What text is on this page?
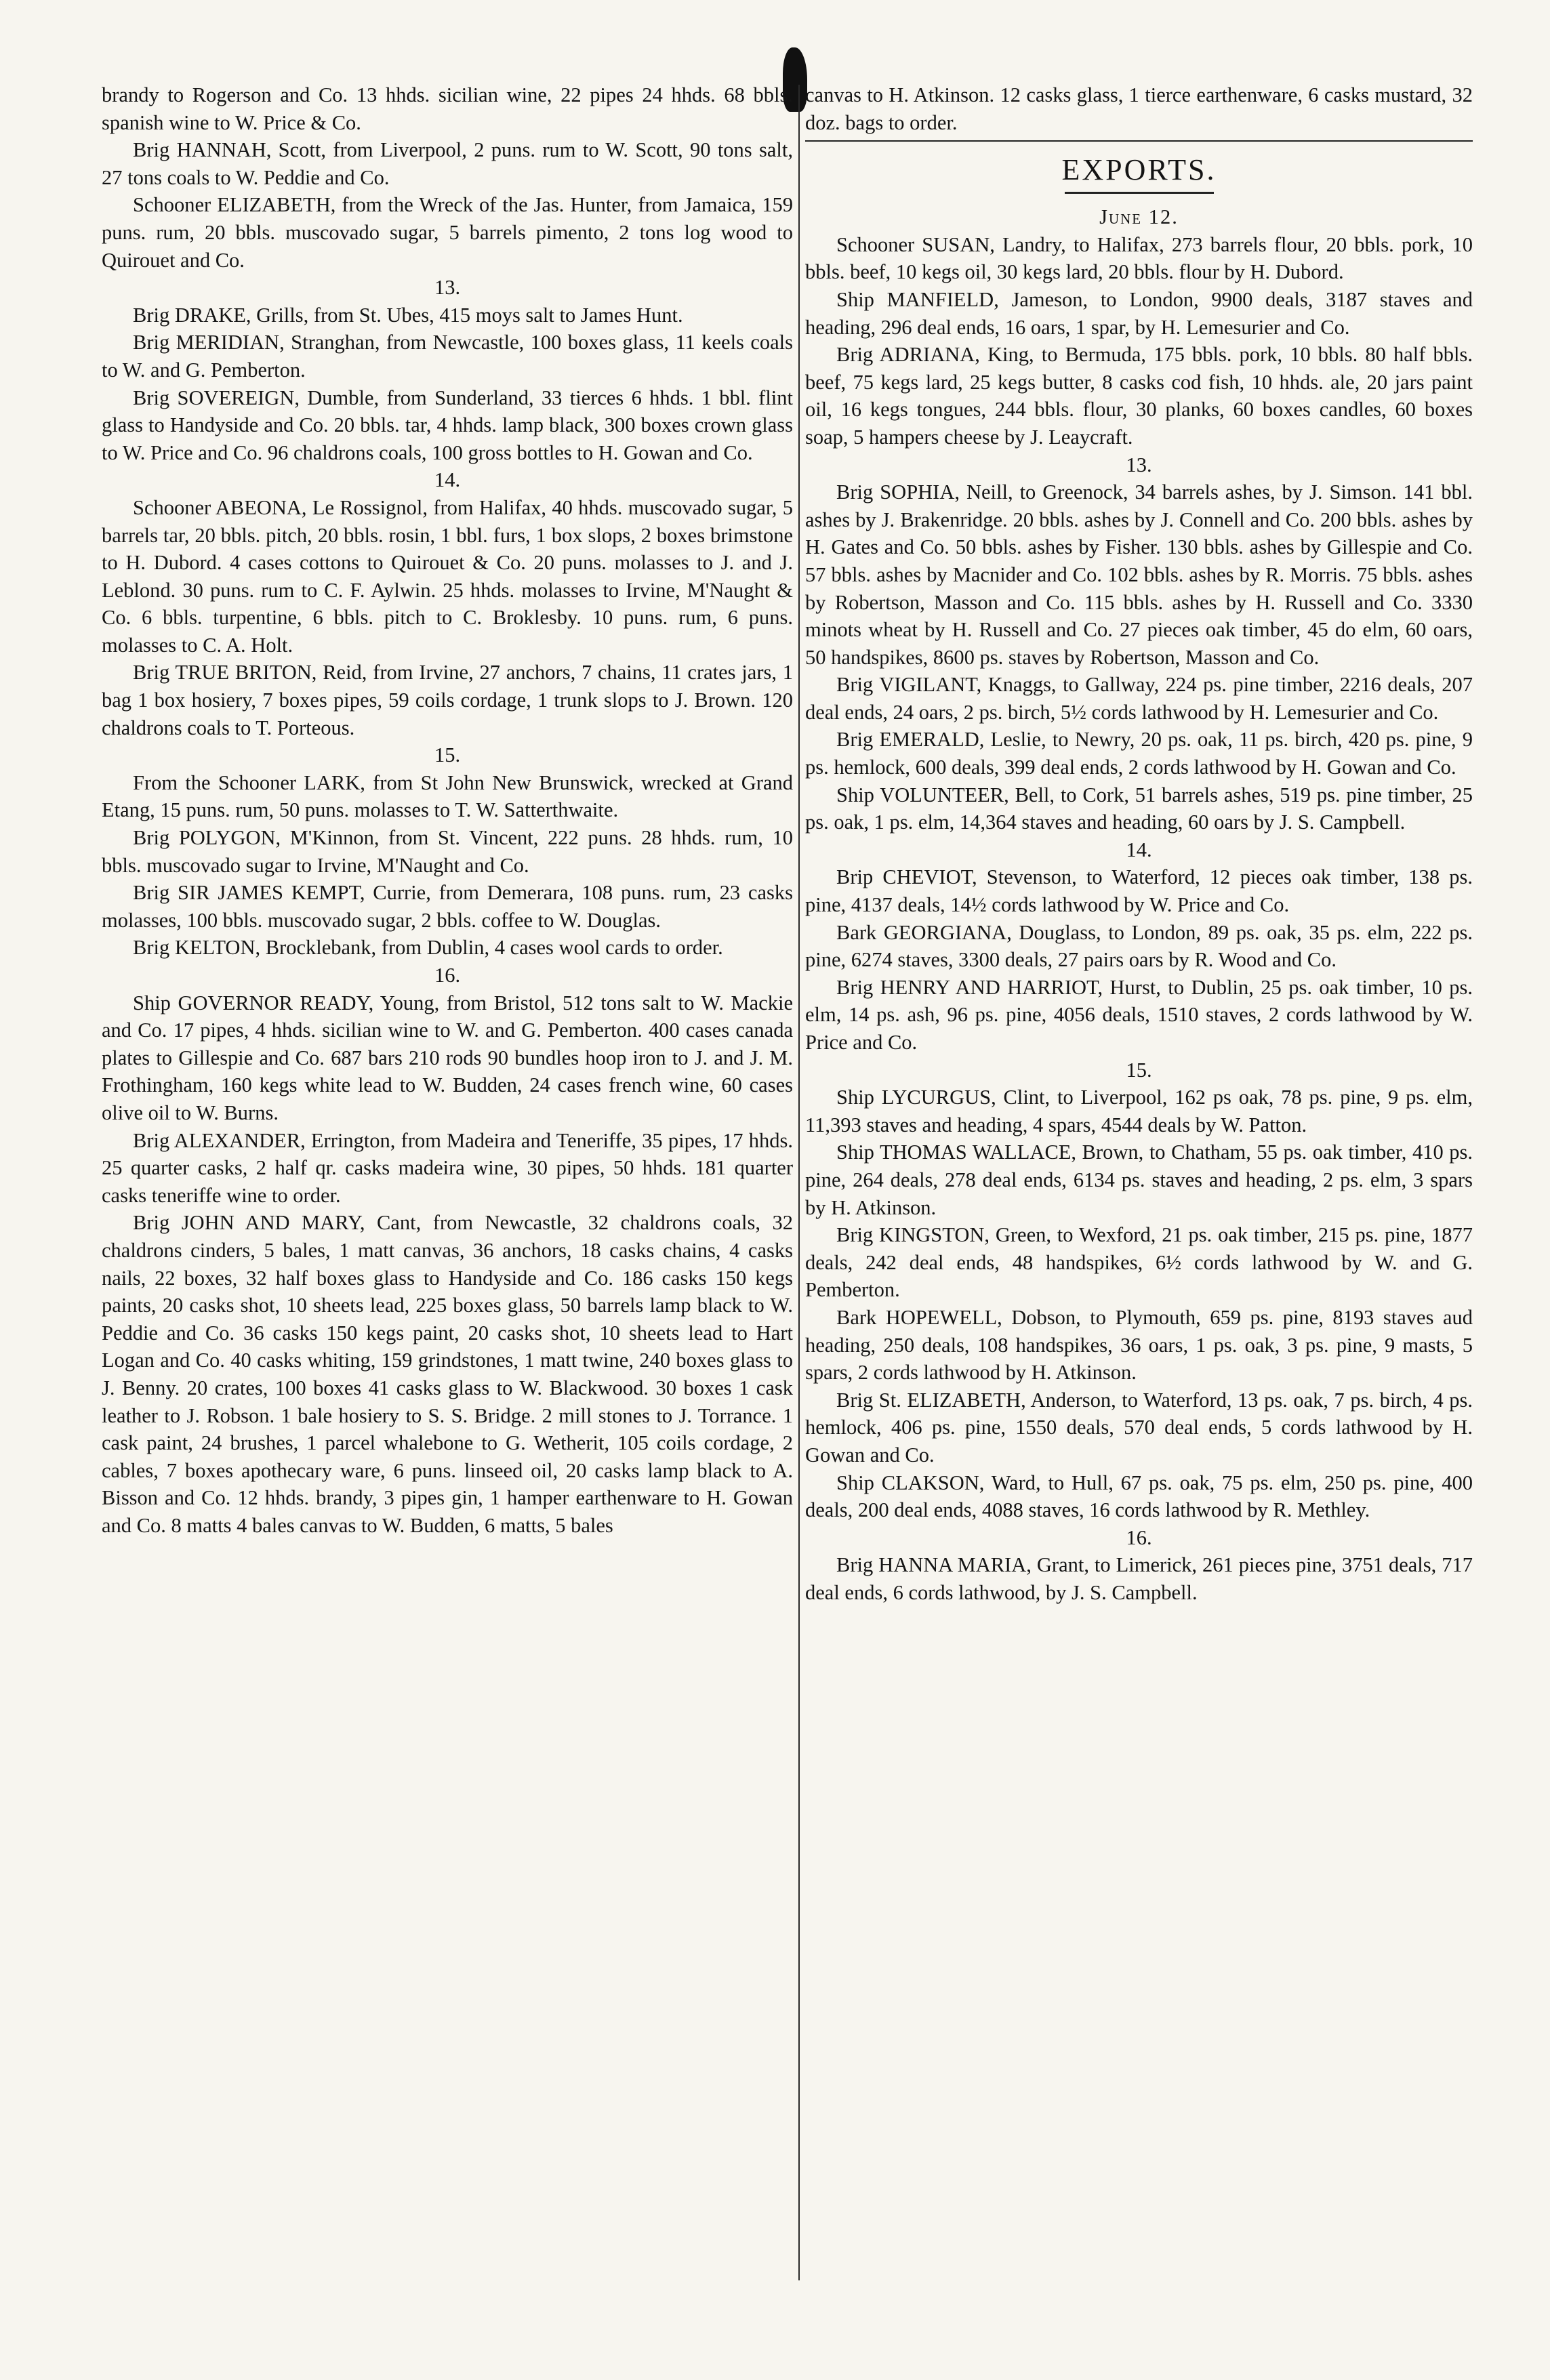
brandy to Rogerson and Co. 13 hhds. sicilian wine, 22 pipes 24 hhds. 68 bbls. spanish wine to W. Price & Co.

Brig HANNAH, Scott, from Liverpool, 2 puns. rum to W. Scott, 90 tons salt, 27 tons coals to W. Peddie and Co.

Schooner ELIZABETH, from the Wreck of the Jas. Hunter, from Jamaica, 159 puns. rum, 20 bbls. muscovado sugar, 5 barrels pimento, 2 tons log wood to Quirouet and Co.

13.

Brig DRAKE, Grills, from St. Ubes, 415 moys salt to James Hunt.

Brig MERIDIAN, Stranghan, from Newcastle, 100 boxes glass, 11 keels coals to W. and G. Pemberton.

Brig SOVEREIGN, Dumble, from Sunderland, 33 tierces 6 hhds. 1 bbl. flint glass to Handyside and Co. 20 bbls. tar, 4 hhds. lamp black, 300 boxes crown glass to W. Price and Co. 96 chaldrons coals, 100 gross bottles to H. Gowan and Co.

14.

Schooner ABEONA, Le Rossignol, from Halifax, 40 hhds. muscovado sugar, 5 barrels tar, 20 bbls. pitch, 20 bbls. rosin, 1 bbl. furs, 1 box slops, 2 boxes brimstone to H. Dubord. 4 cases cottons to Quirouet & Co. 20 puns. molasses to J. and J. Leblond. 30 puns. rum to C. F. Aylwin. 25 hhds. molasses to Irvine, M'Naught & Co. 6 bbls. turpentine, 6 bbls. pitch to C. Broklesby. 10 puns. rum, 6 puns. molasses to C. A. Holt.

Brig TRUE BRITON, Reid, from Irvine, 27 anchors, 7 chains, 11 crates jars, 1 bag 1 box hosiery, 7 boxes pipes, 59 coils cordage, 1 trunk slops to J. Brown. 120 chaldrons coals to T. Porteous.

15.

From the Schooner LARK, from St John New Brunswick, wrecked at Grand Etang, 15 puns. rum, 50 puns. molasses to T. W. Satterthwaite.

Brig POLYGON, M'Kinnon, from St. Vincent, 222 puns. 28 hhds. rum, 10 bbls. muscovado sugar to Irvine, M'Naught and Co.

Brig SIR JAMES KEMPT, Currie, from Demerara, 108 puns. rum, 23 casks molasses, 100 bbls. muscovado sugar, 2 bbls. coffee to W. Douglas.

Brig KELTON, Brocklebank, from Dublin, 4 cases wool cards to order.

16.

Ship GOVERNOR READY, Young, from Bristol, 512 tons salt to W. Mackie and Co. 17 pipes, 4 hhds. sicilian wine to W. and G. Pemberton. 400 cases canada plates to Gillespie and Co. 687 bars 210 rods 90 bundles hoop iron to J. and J. M. Frothingham, 160 kegs white lead to W. Budden, 24 cases french wine, 60 cases olive oil to W. Burns.

Brig ALEXANDER, Errington, from Madeira and Teneriffe, 35 pipes, 17 hhds. 25 quarter casks, 2 half qr. casks madeira wine, 30 pipes, 50 hhds. 181 quarter casks teneriffe wine to order.

Brig JOHN AND MARY, Cant, from Newcastle, 32 chaldrons coals, 32 chaldrons cinders, 5 bales, 1 matt canvas, 36 anchors, 18 casks chains, 4 casks nails, 22 boxes, 32 half boxes glass to Handyside and Co. 186 casks 150 kegs paints, 20 casks shot, 10 sheets lead, 225 boxes glass, 50 barrels lamp black to W. Peddie and Co. 36 casks 150 kegs paint, 20 casks shot, 10 sheets lead to Hart Logan and Co. 40 casks whiting, 159 grindstones, 1 matt twine, 240 boxes glass to J. Benny. 20 crates, 100 boxes 41 casks glass to W. Blackwood. 30 boxes 1 cask leather to J. Robson. 1 bale hosiery to S. S. Bridge. 2 mill stones to J. Torrance. 1 cask paint, 24 brushes, 1 parcel whalebone to G. Wetherit, 105 coils cordage, 2 cables, 7 boxes apothecary ware, 6 puns. linseed oil, 20 casks lamp black to A. Bisson and Co. 12 hhds. brandy, 3 pipes gin, 1 hamper earthenware to H. Gowan and Co. 8 matts 4 bales canvas to W. Budden, 6 matts, 5 bales

canvas to H. Atkinson. 12 casks glass, 1 tierce earthenware, 6 casks mustard, 32 doz. bags to order.

EXPORTS.

June 12.

Schooner SUSAN, Landry, to Halifax, 273 barrels flour, 20 bbls. pork, 10 bbls. beef, 10 kegs oil, 30 kegs lard, 20 bbls. flour by H. Dubord.

Ship MANFIELD, Jameson, to London, 9900 deals, 3187 staves and heading, 296 deal ends, 16 oars, 1 spar, by H. Lemesurier and Co.

Brig ADRIANA, King, to Bermuda, 175 bbls. pork, 10 bbls. 80 half bbls. beef, 75 kegs lard, 25 kegs butter, 8 casks cod fish, 10 hhds. ale, 20 jars paint oil, 16 kegs tongues, 244 bbls. flour, 30 planks, 60 boxes candles, 60 boxes soap, 5 hampers cheese by J. Leaycraft.

13.

Brig SOPHIA, Neill, to Greenock, 34 barrels ashes, by J. Simson. 141 bbl. ashes by J. Brakenridge. 20 bbls. ashes by J. Connell and Co. 200 bbls. ashes by H. Gates and Co. 50 bbls. ashes by Fisher. 130 bbls. ashes by Gillespie and Co. 57 bbls. ashes by Macnider and Co. 102 bbls. ashes by R. Morris. 75 bbls. ashes by Robertson, Masson and Co. 115 bbls. ashes by H. Russell and Co. 3330 minots wheat by H. Russell and Co. 27 pieces oak timber, 45 do elm, 60 oars, 50 handspikes, 8600 ps. staves by Robertson, Masson and Co.

Brig VIGILANT, Knaggs, to Gallway, 224 ps. pine timber, 2216 deals, 207 deal ends, 24 oars, 2 ps. birch, 5½ cords lathwood by H. Lemesurier and Co.

Brig EMERALD, Leslie, to Newry, 20 ps. oak, 11 ps. birch, 420 ps. pine, 9 ps. hemlock, 600 deals, 399 deal ends, 2 cords lathwood by H. Gowan and Co.

Ship VOLUNTEER, Bell, to Cork, 51 barrels ashes, 519 ps. pine timber, 25 ps. oak, 1 ps. elm, 14,364 staves and heading, 60 oars by J. S. Campbell.

14.

Brip CHEVIOT, Stevenson, to Waterford, 12 pieces oak timber, 138 ps. pine, 4137 deals, 14½ cords lathwood by W. Price and Co.

Bark GEORGIANA, Douglass, to London, 89 ps. oak, 35 ps. elm, 222 ps. pine, 6274 staves, 3300 deals, 27 pairs oars by R. Wood and Co.

Brig HENRY AND HARRIOT, Hurst, to Dublin, 25 ps. oak timber, 10 ps. elm, 14 ps. ash, 96 ps. pine, 4056 deals, 1510 staves, 2 cords lathwood by W. Price and Co.

15.

Ship LYCURGUS, Clint, to Liverpool, 162 ps oak, 78 ps. pine, 9 ps. elm, 11,393 staves and heading, 4 spars, 4544 deals by W. Patton.

Ship THOMAS WALLACE, Brown, to Chatham, 55 ps. oak timber, 410 ps. pine, 264 deals, 278 deal ends, 6134 ps. staves and heading, 2 ps. elm, 3 spars by H. Atkinson.

Brig KINGSTON, Green, to Wexford, 21 ps. oak timber, 215 ps. pine, 1877 deals, 242 deal ends, 48 handspikes, 6½ cords lathwood by W. and G. Pemberton.

Bark HOPEWELL, Dobson, to Plymouth, 659 ps. pine, 8193 staves aud heading, 250 deals, 108 handspikes, 36 oars, 1 ps. oak, 3 ps. pine, 9 masts, 5 spars, 2 cords lathwood by H. Atkinson.

Brig St. ELIZABETH, Anderson, to Waterford, 13 ps. oak, 7 ps. birch, 4 ps. hemlock, 406 ps. pine, 1550 deals, 570 deal ends, 5 cords lathwood by H. Gowan and Co.

Ship CLAKSON, Ward, to Hull, 67 ps. oak, 75 ps. elm, 250 ps. pine, 400 deals, 200 deal ends, 4088 staves, 16 cords lathwood by R. Methley.

16.

Brig HANNA MARIA, Grant, to Limerick, 261 pieces pine, 3751 deals, 717 deal ends, 6 cords lathwood, by J. S. Campbell.
